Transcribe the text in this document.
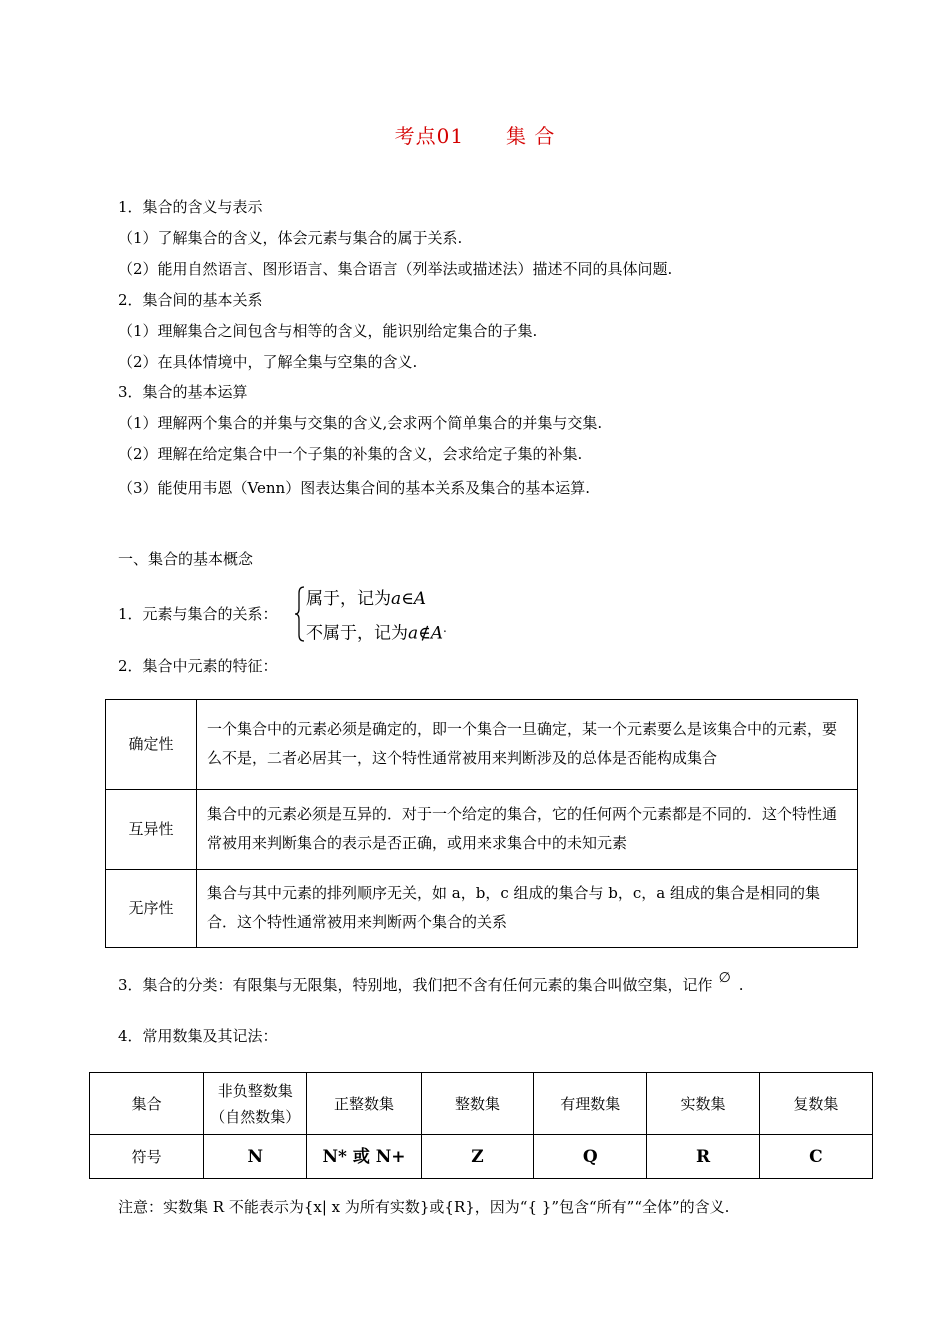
考点01 集 合
1．集合的含义与表示
（1）了解集合的含义，体会元素与集合的属于关系.
（2）能用自然语言、图形语言、集合语言（列举法或描述法）描述不同的具体问题.
2．集合间的基本关系
（1）理解集合之间包含与相等的含义，能识别给定集合的子集.
（2）在具体情境中，了解全集与空集的含义.
3．集合的基本运算
（1）理解两个集合的并集与交集的含义,会求两个简单集合的并集与交集.
（2）理解在给定集合中一个子集的补集的含义，会求给定子集的补集.
（3）能使用韦恩（Venn）图表达集合间的基本关系及集合的基本运算.
一、集合的基本概念
1．元素与集合的关系：
属于，记为a∈A
不属于，记为a∉A.
2．集合中元素的特征：
确定性	一个集合中的元素必须是确定的，即一个集合一旦确定，某一个元素要么是该集合中的元素，要么不是，二者必居其一，这个特性通常被用来判断涉及的总体是否能构成集合
互异性	集合中的元素必须是互异的．对于一个给定的集合，它的任何两个元素都是不同的．这个特性通常被用来判断集合的表示是否正确，或用来求集合中的未知元素
无序性	集合与其中元素的排列顺序无关，如 a，b，c 组成的集合与 b，c，a 组成的集合是相同的集合．这个特性通常被用来判断两个集合的关系
3．集合的分类：有限集与无限集，特别地，我们把不含有任何元素的集合叫做空集，记作 ∅ .
4．常用数集及其记法：
集合	非负整数集（自然数集）	正整数集	整数集	有理数集	实数集	复数集
符号	N	N* 或 N+	Z	Q	R	C
注意：实数集 R 不能表示为{x| x 为所有实数}或{R}，因为“{ }”包含“所有”“全体”的含义.
